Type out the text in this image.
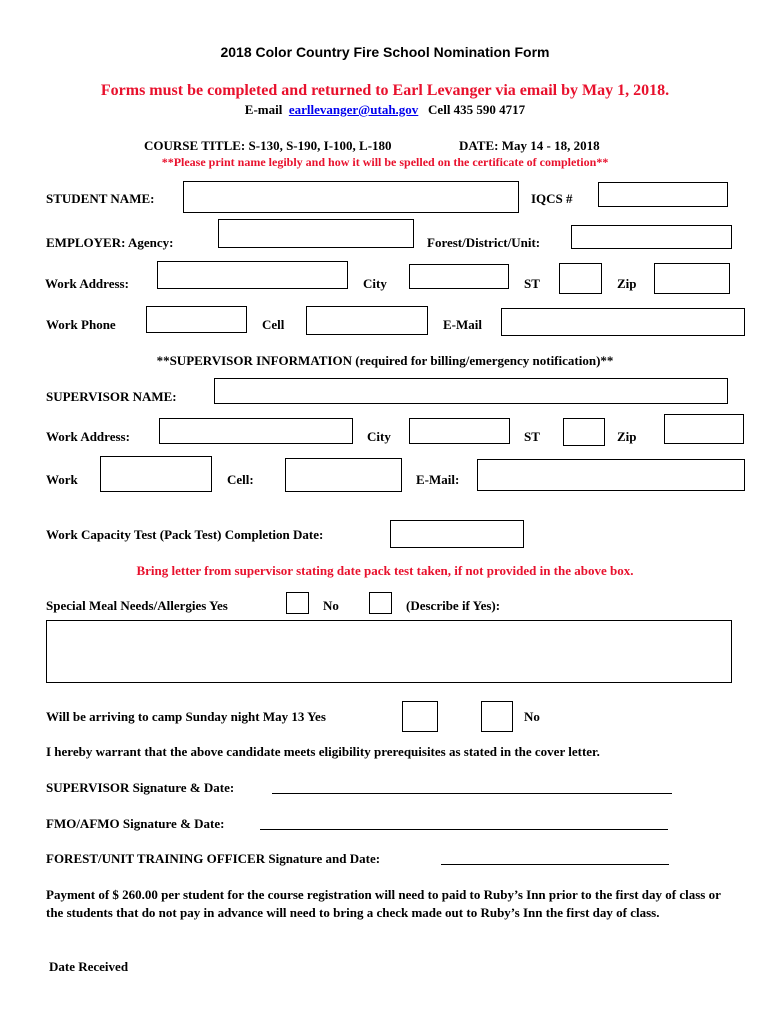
2018 Color Country Fire School Nomination Form
Forms must be completed and returned to Earl Levanger via email by May 1, 2018.
E-mail earllevanger@utah.gov Cell 435 590 4717
COURSE TITLE: S-130, S-190, I-100, L-180	DATE: May 14 - 18, 2018
**Please print name legibly and how it will be spelled on the certificate of completion**
STUDENT NAME:	IQCS #
EMPLOYER: Agency:	Forest/District/Unit:
Work Address:	City	ST	Zip
Work Phone	Cell	E-Mail
**SUPERVISOR INFORMATION (required for billing/emergency notification)**
SUPERVISOR NAME:
Work Address:	City	ST	Zip
Work	Cell:	E-Mail:
Work Capacity Test (Pack Test) Completion Date:
Bring letter from supervisor stating date pack test taken, if not provided in the above box.
Special Meal Needs/Allergies Yes	No	(Describe if Yes):
Will be arriving to camp Sunday night May 13 Yes	No
I hereby warrant that the above candidate meets eligibility prerequisites as stated in the cover letter.
SUPERVISOR Signature & Date:
FMO/AFMO Signature & Date:
FOREST/UNIT TRAINING OFFICER Signature and Date:
Payment of $ 260.00 per student for the course registration will need to paid to Ruby’s Inn prior to the first day of class or the students that do not pay in advance will need to bring a check made out to Ruby’s Inn the first day of class.
Date Received
